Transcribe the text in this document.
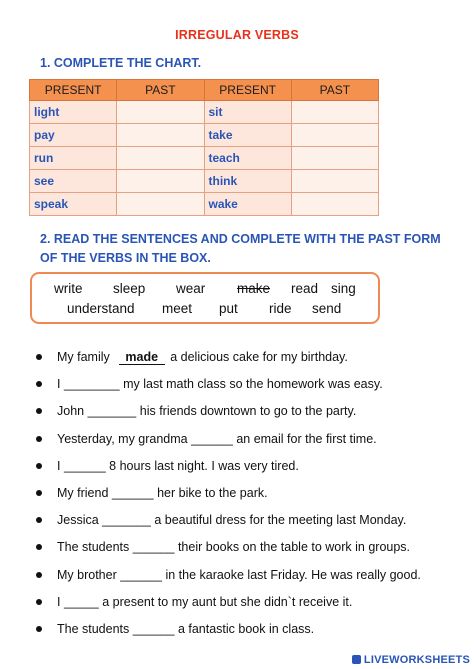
IRREGULAR VERBS
1. COMPLETE THE CHART.
PRESENT	PAST	PRESENT	PAST
light		sit	
pay		take	
run		teach	
see		think	
speak		wake	
2. READ THE SENTENCES AND COMPLETE WITH THE PAST FORM OF THE VERBS IN THE BOX.
write sleep wear make read sing
understand meet put ride send
My family made a delicious cake for my birthday.
I ________ my last math class so the homework was easy.
John _______ his friends downtown to go to the party.
Yesterday, my grandma ______ an email for the first time.
I ______ 8 hours last night. I was very tired.
My friend ______ her bike to the park.
Jessica _______ a beautiful dress for the meeting last Monday.
The students ______ their books on the table to work in groups.
My brother ______ in the karaoke last Friday. He was really good.
I _____ a present to my aunt but she didn`t receive it.
The students ______ a fantastic book in class.
LIVEWORKSHEETS
